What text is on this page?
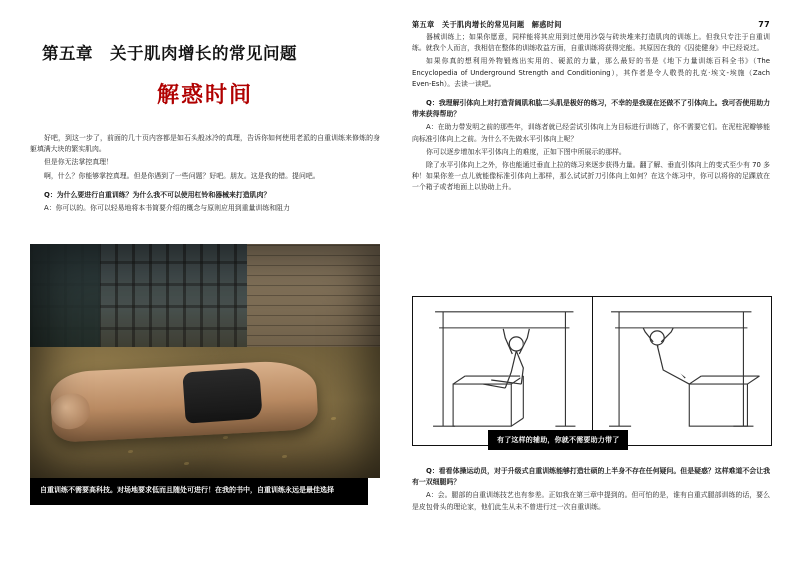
第五章　关于肌肉增长的常见问题
解惑时间

好吧，到这一步了，前面的几十页内容都是如石头般冰冷的真理，告诉你如何使用老派的自重训练来修炼的身躯填满大块的繁实肌肉。

但是你无法掌控真理！

啊，什么？你能够掌控真理。但是你遇到了一些问题？好吧。朋友。这是我的错。提问吧。

Q：为什么要进行自重训练？为什么我不可以使用杠铃和器械来打造肌肉？

A：你可以的。你可以轻易地将本书简要介绍的概念与原则应用到重量训练和阻力

自重训练不需要高科技。对场地要求低而且随处可进行！在我的书中，自重训练永远是最佳选择
第五章　关于肌肉增长的常见问题　解惑时间	77

器械训练上；如果你愿意，同样能将其应用到过使用沙袋与砖块堆来打造肌肉的训练上。但我只专注于自重训练。就我个人而言，我相信在整体的训练收益方面，自重训练将获得完能。其原因在我的《囚徒健身》中已经说过。

如果你真的想利用外物锻炼出实用的、硬派的力量，那么最好的书是《地下力量训练百科全书》（The Encyclopedia of Underground Strength and Conditioning），其作者是令人敬畏的扎克·埃文-埃施（Zach Even-Esh）。去读一读吧。

Q：我理解引体向上对打造背阔肌和肱二头肌是极好的练习，不幸的是我现在还做不了引体向上。我可否使用助力带来获得帮助？

A：在助力带发明之前的那些年，训练者就已经尝试引体向上为目标进行训练了，你不需要它们。在泥柱泥瓣够能向标准引体向上之前。为什么不先做水平引体向上呢？

你可以逐步增加水平引体向上的难度，正如下图中所展示的那样。

除了水平引体向上之外，你也能通过垂直上拉的练习来逐步获得力量。翻了解、垂直引体向上的变式至少有 70 多种！如果你差一点儿就能像标准引体向上那样，那么试试折刀引体向上如何？在这个练习中，你可以将你的足踝放在一个箱子或者地面上以协助上升。

有了这样的辅助，你就不需要助力带了

Q：看看体操运动员，对于升级式自重训练能够打造壮硕的上半身不存在任何疑问。但是疑惑？这样难道不会让我有一双细腿吗？

A：会。腿部的自重训练技艺也有参差。正如我在第三章中提到的。但可怕的是，谁有自重式腿部训练的话，要么是皮包骨头的理论家，他们此生从未不曾进行过一次自重训练。
